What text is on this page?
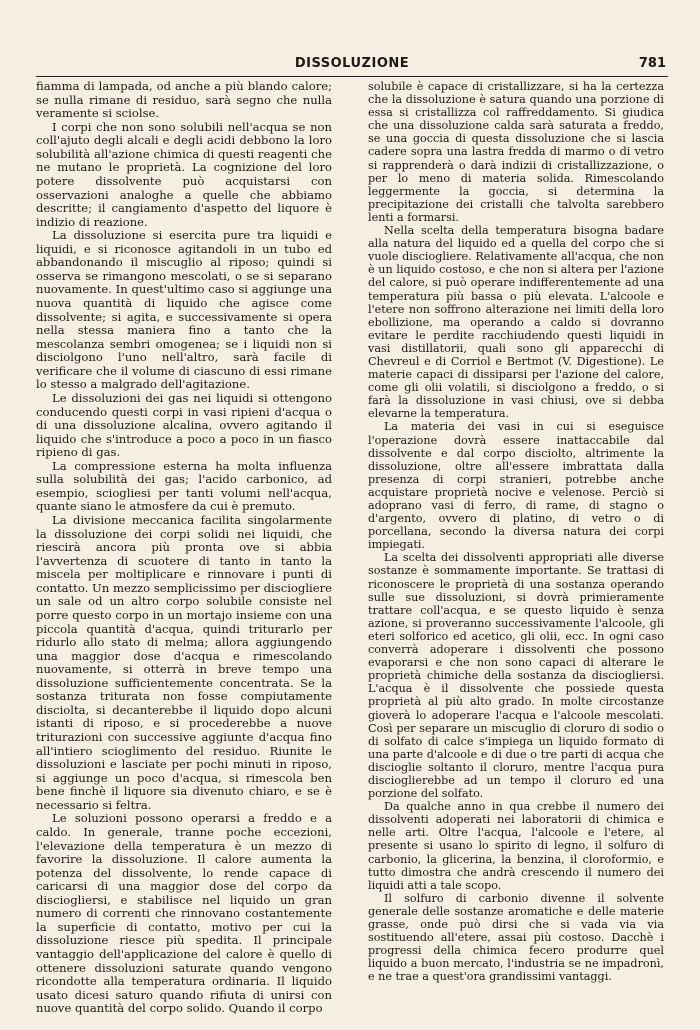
DISSOLUZIONE	781

fiamma di lampada, od anche a più blando calore; se nulla rimane di residuo, sarà segno che nulla veramente si sciolse.

I corpi che non sono solubili nell'acqua se non coll'ajuto degli alcali e degli acidi debbono la loro solubilità all'azione chimica di questi reagenti che ne mutano le proprietà. La cognizione del loro potere dissolvente può acquistarsi con osservazioni analoghe a quelle che abbiamo descritte; il cangiamento d'aspetto del liquore è indizio di reazione.

La dissoluzione si esercita pure tra liquidi e liquidi, e si riconosce agitandoli in un tubo ed abbandonando il miscuglio al riposo; quindi si osserva se rimangono mescolati, o se si separano nuovamente. In quest'ultimo caso si aggiunge una nuova quantità di liquido che agisce come dissolvente; si agita, e successivamente si opera nella stessa maniera fino a tanto che la mescolanza sembri omogenea; se i liquidi non si disciolgono l'uno nell'altro, sarà facile di verificare che il volume di ciascuno di essi rimane lo stesso a malgrado dell'agitazione.

Le dissoluzioni dei gas nei liquidi si ottengono conducendo questi corpi in vasi ripieni d'acqua o di una dissoluzione alcalina, ovvero agitando il liquido che s'introduce a poco a poco in un fiasco ripieno di gas.

La compressione esterna ha molta influenza sulla solubilità dei gas; l'acido carbonico, ad esempio, sciogliesi per tanti volumi nell'acqua, quante siano le atmosfere da cui è premuto.

La divisione meccanica facilita singolarmente la dissoluzione dei corpi solidi nei liquidi, che riescirà ancora più pronta ove si abbia l'avvertenza di scuotere di tanto in tanto la miscela per moltiplicare e rinnovare i punti di contatto. Un mezzo semplicissimo per disciogliere un sale od un altro corpo solubile consiste nel porre questo corpo in un mortajo insieme con una piccola quantità d'acqua, quindi triturarlo per ridurlo allo stato di melma; allora aggiungendo una maggior dose d'acqua e rimescolando nuovamente, si otterrà in breve tempo una dissoluzione sufficientemente concentrata. Se la sostanza triturata non fosse compiutamente disciolta, si decanterebbe il liquido dopo alcuni istanti di riposo, e si procederebbe a nuove triturazioni con successive aggiunte d'acqua fino all'intiero scioglimento del residuo. Riunite le dissoluzioni e lasciate per pochi minuti in riposo, si aggiunge un poco d'acqua, si rimescola ben bene finchè il liquore sia divenuto chiaro, e se è necessario si feltra.

Le soluzioni possono operarsi a freddo e a caldo. In generale, tranne poche eccezioni, l'elevazione della temperatura è un mezzo di favorire la dissoluzione. Il calore aumenta la potenza del dissolvente, lo rende capace di caricarsi di una maggior dose del corpo da disciogliersi, e stabilisce nel liquido un gran numero di correnti che rinnovano costantemente la superficie di contatto, motivo per cui la dissoluzione riesce più spedita. Il principale vantaggio dell'applicazione del calore è quello di ottenere dissoluzioni saturate quando vengono ricondotte alla temperatura ordinaria. Il liquido usato dicesi saturo quando rifiuta di unirsi con nuove quantità del corpo solido. Quando il corpo

solubile è capace di cristallizzare, si ha la certezza che la dissoluzione è satura quando una porzione di essa si cristallizza col raffreddamento. Si giudica che una dissoluzione calda sarà saturata a freddo, se una goccia di questa dissoluzione che si lascia cadere sopra una lastra fredda di marmo o di vetro si rapprenderà o darà indizii di cristallizzazione, o per lo meno di materia solida. Rimescolando leggermente la goccia, si determina la precipitazione dei cristalli che talvolta sarebbero lenti a formarsi.

Nella scelta della temperatura bisogna badare alla natura del liquido ed a quella del corpo che si vuole discioglie​re. Relativamente all'acqua, che non è un liquido costoso, e che non si altera per l'azione del calore, si può operare indifferentemente ad una temperatura più bassa o più elevata. L'alcoole e l'etere non soffrono alterazione nei limiti della loro ebollizione, ma operando a caldo si dovranno evitare le perdite racchiudendo questi liquidi in vasi distillatorii, quali sono gli apparecchi di Chevreul e di Corriol e Bertmot (V. Digestione). Le materie capaci di dissiparsi per l'azione del calore, come gli olii volatili, si disciolgono a freddo, o si farà la dissoluzione in vasi chiusi, ove si debba elevarne la temperatura.

La materia dei vasi in cui si eseguisce l'operazione dovrà essere inattaccabile dal dissolvente e dal corpo disciolto, altrimente la dissoluzione, oltre all'essere imbrattata dalla presenza di corpi stranieri, potrebbe anche acquistare proprietà nocive e velenose. Perciò si adoprano vasi di ferro, di rame, di stagno o d'argento, ovvero di platino, di vetro o di porcellana, secondo la diversa natura dei corpi impiegati.

La scelta dei dissolventi appropriati alle diverse sostanze è sommamente importante. Se trattasi di riconoscere le proprietà di una sostanza operando sulle sue dissoluzioni, si dovrà primieramente trattare coll'acqua, e se questo liquido è senza azione, si proveranno successivamente l'alcoole, gli eteri solforico ed acetico, gli olii, ecc. In ogni caso converrà adoperare i dissolventi che possono evaporarsi e che non sono capaci di alterare le proprietà chimiche della sostanza da disciogliersi. L'acqua è il dissolvente che possiede questa proprietà al più alto grado. In molte circostanze gioverà lo adoperare l'acqua e l'alcoole mescolati. Così per separare un miscuglio di cloruro di sodio o di solfato di calce s'impiega un liquido formato di una parte d'alcoole e di due o tre parti di acqua che discioglie soltanto il cloruro, mentre l'acqua pura discioglierebbe ad un tempo il cloruro ed una porzione del solfato.

Da qualche anno in qua crebbe il numero dei dissolventi adoperati nei laboratorii di chimica e nelle arti. Oltre l'acqua, l'alcoole e l'etere, al presente si usano lo spirito di legno, il solfuro di carbonio, la glicerina, la benzina, il cloroformio, e tutto dimostra che andrà crescendo il numero dei liquidi atti a tale scopo.

Il solfuro di carbonio divenne il solvente generale delle sostanze aromatiche e delle materie grasse, onde può dirsi che si vada via via sostituendo all'etere, assai più costoso. Dacchè i progressi della chimica fecero produrre quel liquido a buon mercato, l'industria se ne impadronì, e ne trae a quest'ora grandissimi vantaggi.
